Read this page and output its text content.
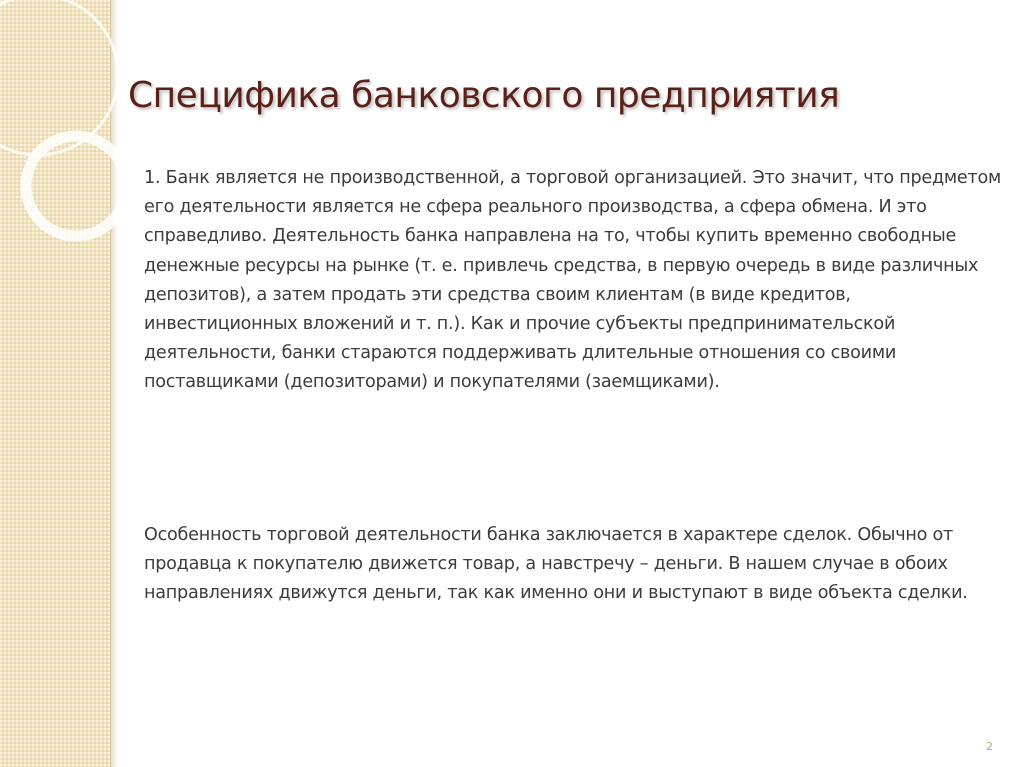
Специфика банковского предприятия

1. Банк является не производственной, а торговой организацией. Это значит, что предметом его деятельности является не сфера реального производства, а сфера обмена. И это справедливо. Деятельность банка направлена на то, чтобы купить временно свободные денежные ресурсы на рынке (т. е. привлечь средства, в первую очередь в виде различных депозитов), а затем продать эти средства своим клиентам (в виде кредитов, инвестиционных вложений и т. п.). Как и прочие субъекты предпринимательской деятельности, банки стараются поддерживать длительные отношения со своими поставщиками (депозиторами) и покупателями (заемщиками).

Особенность торговой деятельности банка заключается в характере сделок. Обычно от продавца к покупателю движется товар, а навстречу – деньги. В нашем случае в обоих направлениях движутся деньги, так как именно они и выступают в виде объекта сделки.

2
